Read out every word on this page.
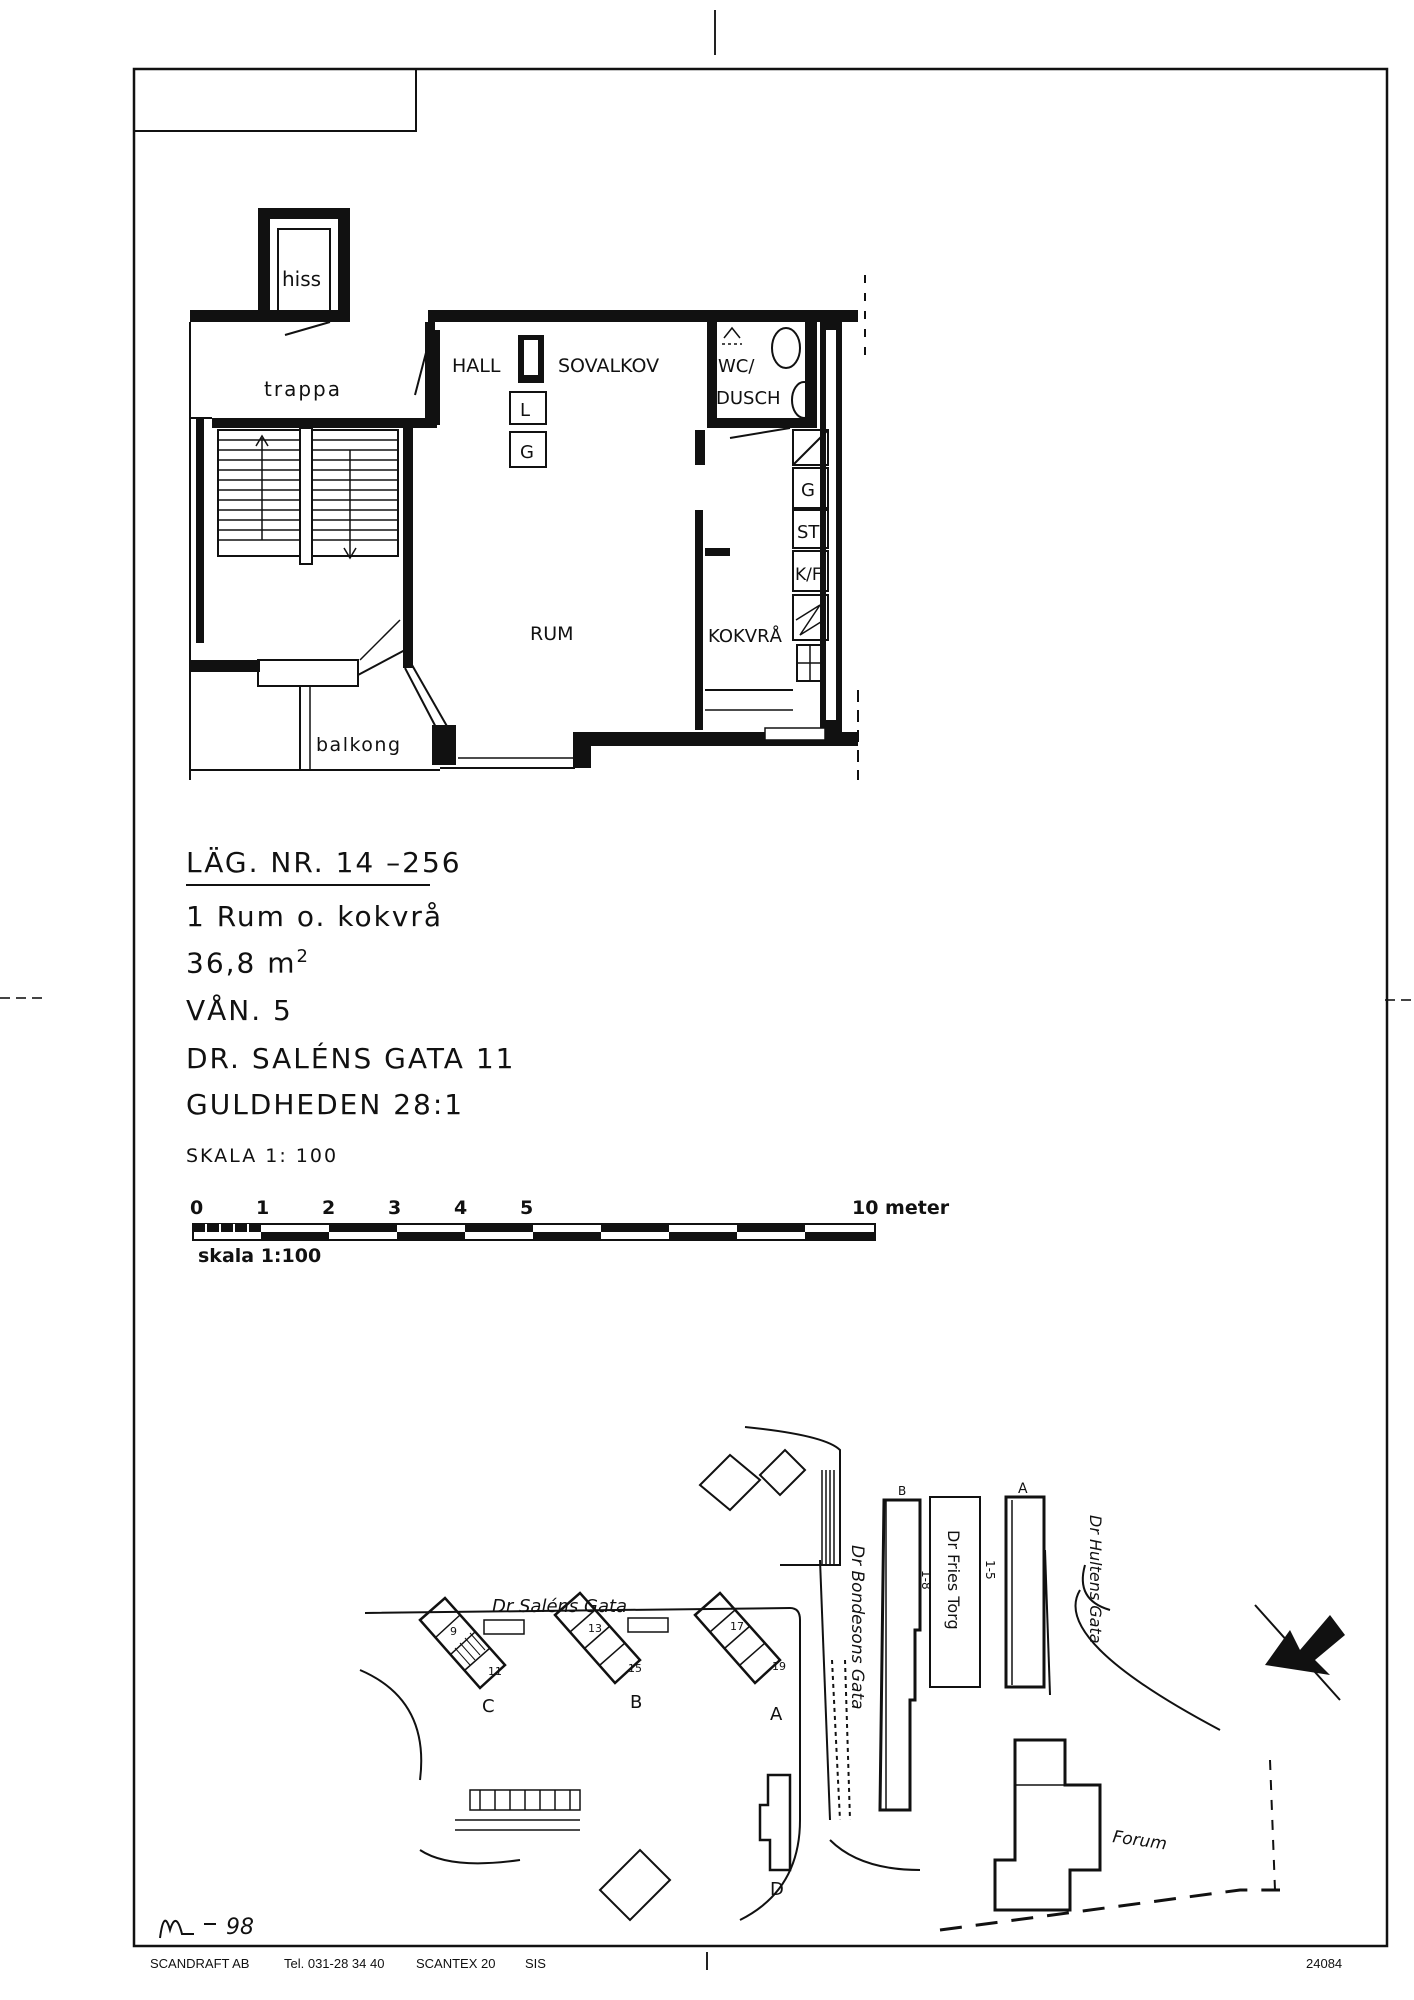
hiss
trappa
HALL	SOVALKOV	WC/
DUSCH
RUM	KOKVRÅ
balkong
L
G
G
ST
K/F
LÄG. NR. 14 –256
1 Rum o. kokvrå
36,8 $m^2$
VÅN. 5
DR. SALÉNS GATA 11
GULDHEDEN 28:1
SKALA 1: 100
0	1	2	3	4	5	10 meter
skala 1:100
Dr Saléns Gata	Dr Bondesons Gata	Dr Fries Torg	Dr Hultens Gata
Forum
C	B
A
D
A
B
9
11
13
15
17
19
1-5
1-8
98
SCANDRAFT AB	Tel. 031-28 34 40 SCANTEX 20 SIS	24084
